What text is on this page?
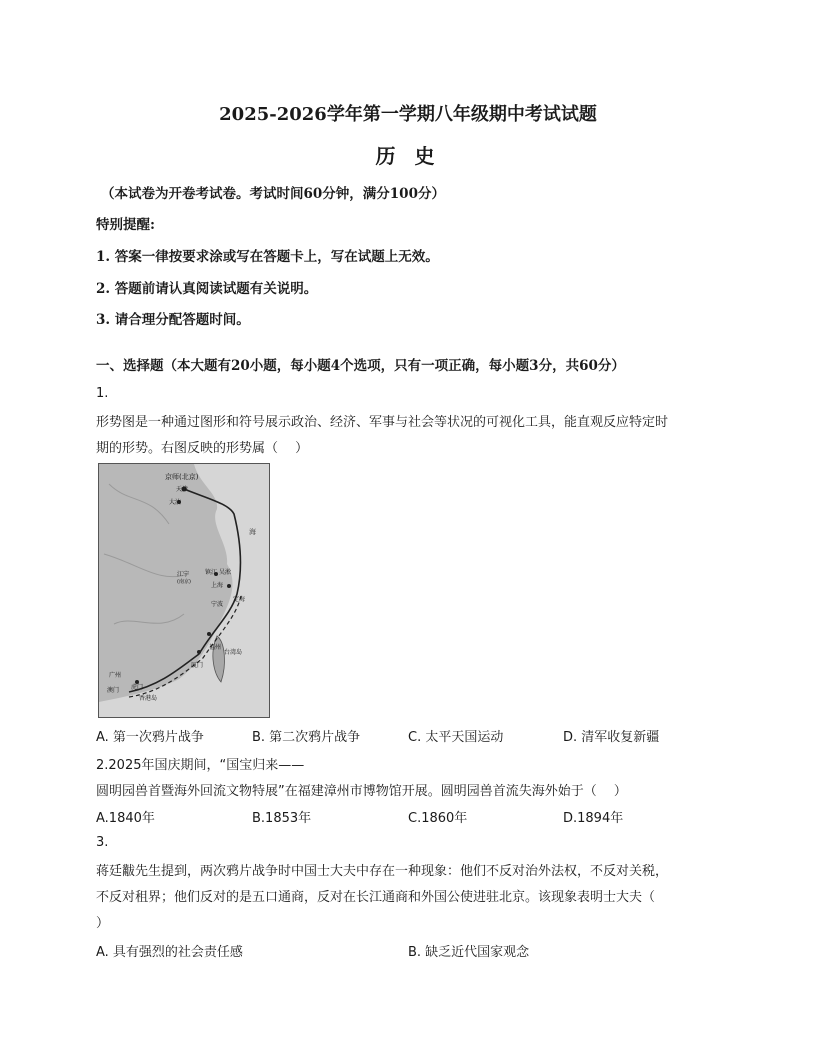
2025-2026学年第一学期八年级期中考试试题
历 史
（本试卷为开卷考试卷。考试时间60分钟，满分100分）
特别提醒:
1. 答案一律按要求涂或写在答题卡上，写在试题上无效。
2. 答题前请认真阅读试题有关说明。
3. 请合理分配答题时间。
一、选择题（本大题有20小题，每小题4个选项，只有一项正确，每小题3分，共60分）
1.
形势图是一种通过图形和符号展示政治、经济、军事与社会等状况的可视化工具，能直观反应特定时
期的形势。右图反映的形势属（　 ）
京师(北京)
天津
大沽
江宁
(南京)
镇江 吴淞
上海
宁波
定海
福州
厦门
台湾岛
广州
澳门 虎门
香港岛
海
A. 第一次鸦片战争	B. 第二次鸦片战争	C. 太平天国运动	D. 清军收复新疆
2.2025年国庆期间，“国宝归来——
圆明园兽首暨海外回流文物特展”在福建漳州市博物馆开展。圆明园兽首流失海外始于（　 ）
A.1840年	B.1853年	C.1860年	D.1894年
3.
蒋廷黻先生提到，两次鸦片战争时中国士大夫中存在一种现象：他们不反对治外法权，不反对关税，
不反对租界；他们反对的是五口通商，反对在长江通商和外国公使进驻北京。该现象表明士大夫（
）
A. 具有强烈的社会责任感	B. 缺乏近代国家观念
